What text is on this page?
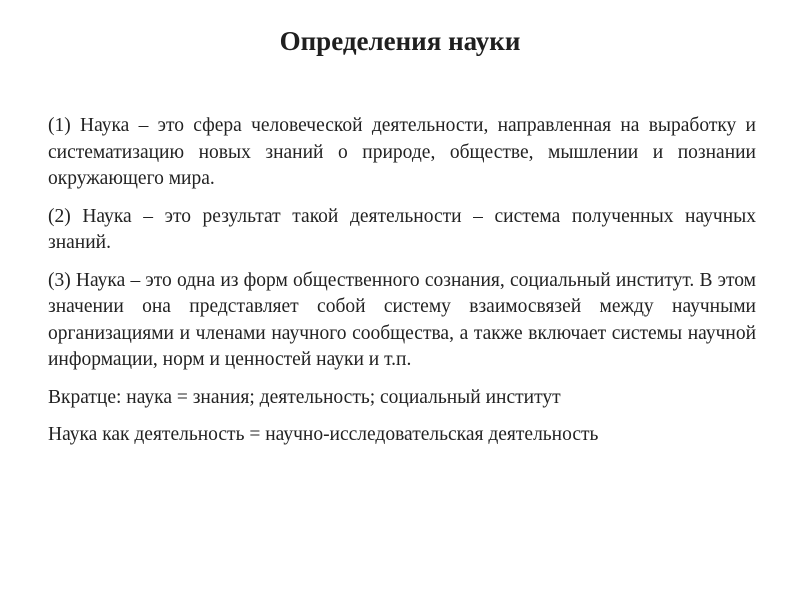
Определения науки

(1) Наука – это сфера человеческой деятельности, направленная на выработку и систематизацию новых знаний о природе, обществе, мышлении и познании окружающего мира.

(2) Наука – это результат такой деятельности – система полученных научных знаний.

(3) Наука – это одна из форм общественного сознания, социальный институт. В этом значении она представляет собой систему взаимосвязей между научными организациями и членами научного сообщества, а также включает системы научной информации, норм и ценностей науки и т.п.

Вкратце: наука = знания; деятельность; социальный институт

Наука как деятельность = научно-исследовательская деятельность
